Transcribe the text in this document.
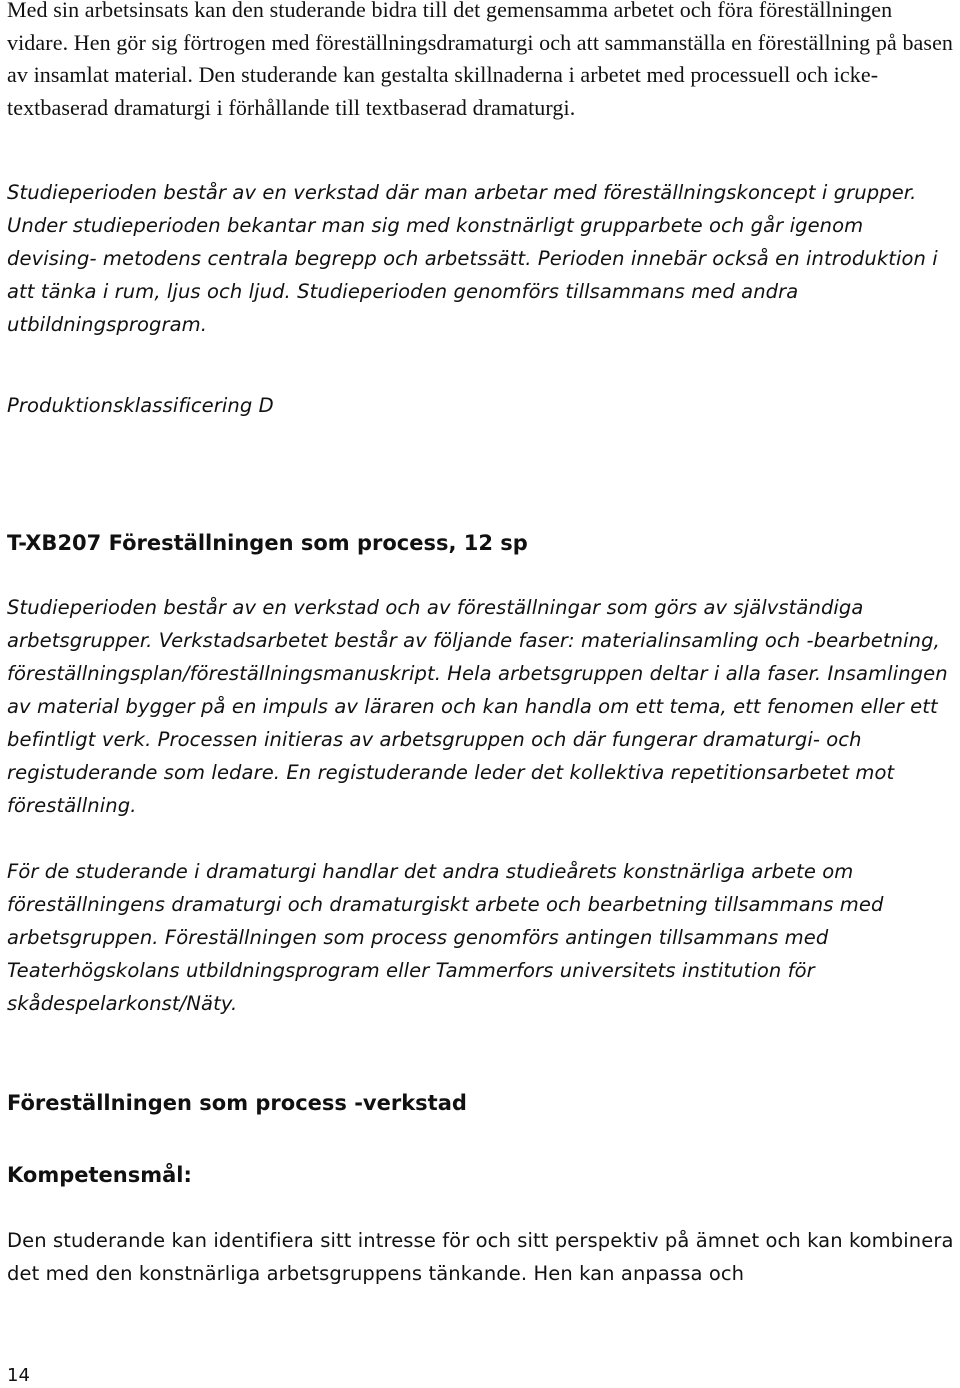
Med sin arbetsinsats kan den studerande bidra till det gemensamma arbetet och föra föreställningen vidare. Hen gör sig förtrogen med föreställningsdramaturgi och att sammanställa en föreställning på basen av insamlat material. Den studerande kan gestalta skillnaderna i arbetet med processuell och icke-textbaserad dramaturgi i förhållande till textbaserad dramaturgi.

Studieperioden består av en verkstad där man arbetar med föreställningskoncept i grupper. Under studieperioden bekantar man sig med konstnärligt grupparbete och går igenom devising- metodens centrala begrepp och arbetssätt. Perioden innebär också en introduktion i att tänka i rum, ljus och ljud. Studieperioden genomförs tillsammans med andra utbildningsprogram.

Produktionsklassificering D

T-XB207 Föreställningen som process, 12 sp

Studieperioden består av en verkstad och av föreställningar som görs av självständiga arbetsgrupper. Verkstadsarbetet består av följande faser: materialinsamling och -bearbetning, föreställningsplan/föreställningsmanuskript. Hela arbetsgruppen deltar i alla faser. Insamlingen av material bygger på en impuls av läraren och kan handla om ett tema, ett fenomen eller ett befintligt verk. Processen initieras av arbetsgruppen och där fungerar dramaturgi- och registuderande som ledare. En registuderande leder det kollektiva repetitionsarbetet mot föreställning.

För de studerande i dramaturgi handlar det andra studieårets konstnärliga arbete om föreställningens dramaturgi och dramaturgiskt arbete och bearbetning tillsammans med arbetsgruppen. Föreställningen som process genomförs antingen tillsammans med Teaterhögskolans utbildningsprogram eller Tammerfors universitets institution för skådespelarkonst/Näty.

Föreställningen som process -verkstad
Kompetensmål:

Den studerande kan identifiera sitt intresse för och sitt perspektiv på ämnet och kan kombinera det med den konstnärliga arbetsgruppens tänkande. Hen kan anpassa och

14
